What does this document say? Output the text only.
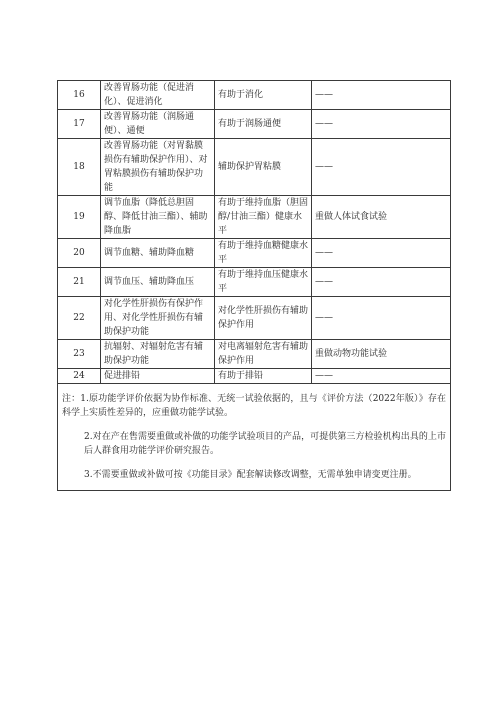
16	改善胃肠功能（促进消化）、促进消化	有助于消化	——
17	改善胃肠功能（润肠通便）、通便	有助于润肠通便	——
18	改善胃肠功能（对胃黏膜损伤有辅助保护作用）、对胃粘膜损伤有辅助保护功能	辅助保护胃粘膜	——
19	调节血脂（降低总胆固醇、降低甘油三酯）、辅助降血脂	有助于维持血脂（胆固醇/甘油三酯）健康水平	重做人体试食试验
20	调节血糖、辅助降血糖	有助于维持血糖健康水平	——
21	调节血压、辅助降血压	有助于维持血压健康水平	——
22	对化学性肝损伤有保护作用、对化学性肝损伤有辅助保护功能	对化学性肝损伤有辅助保护作用	——
23	抗辐射、对辐射危害有辅助保护功能	对电离辐射危害有辅助保护作用	重做动物功能试验
24	促进排铅	有助于排铅	——

注：1.原功能学评价依据为协作标准、无统一试验依据的，且与《评价方法（2022年版）》存在科学上实质性差异的，应重做功能学试验。

2.对在产在售需要重做或补做的功能学试验项目的产品，可提供第三方检验机构出具的上市后人群食用功能学评价研究报告。

3.不需要重做或补做可按《功能目录》配套解读修改调整，无需单独申请变更注册。
